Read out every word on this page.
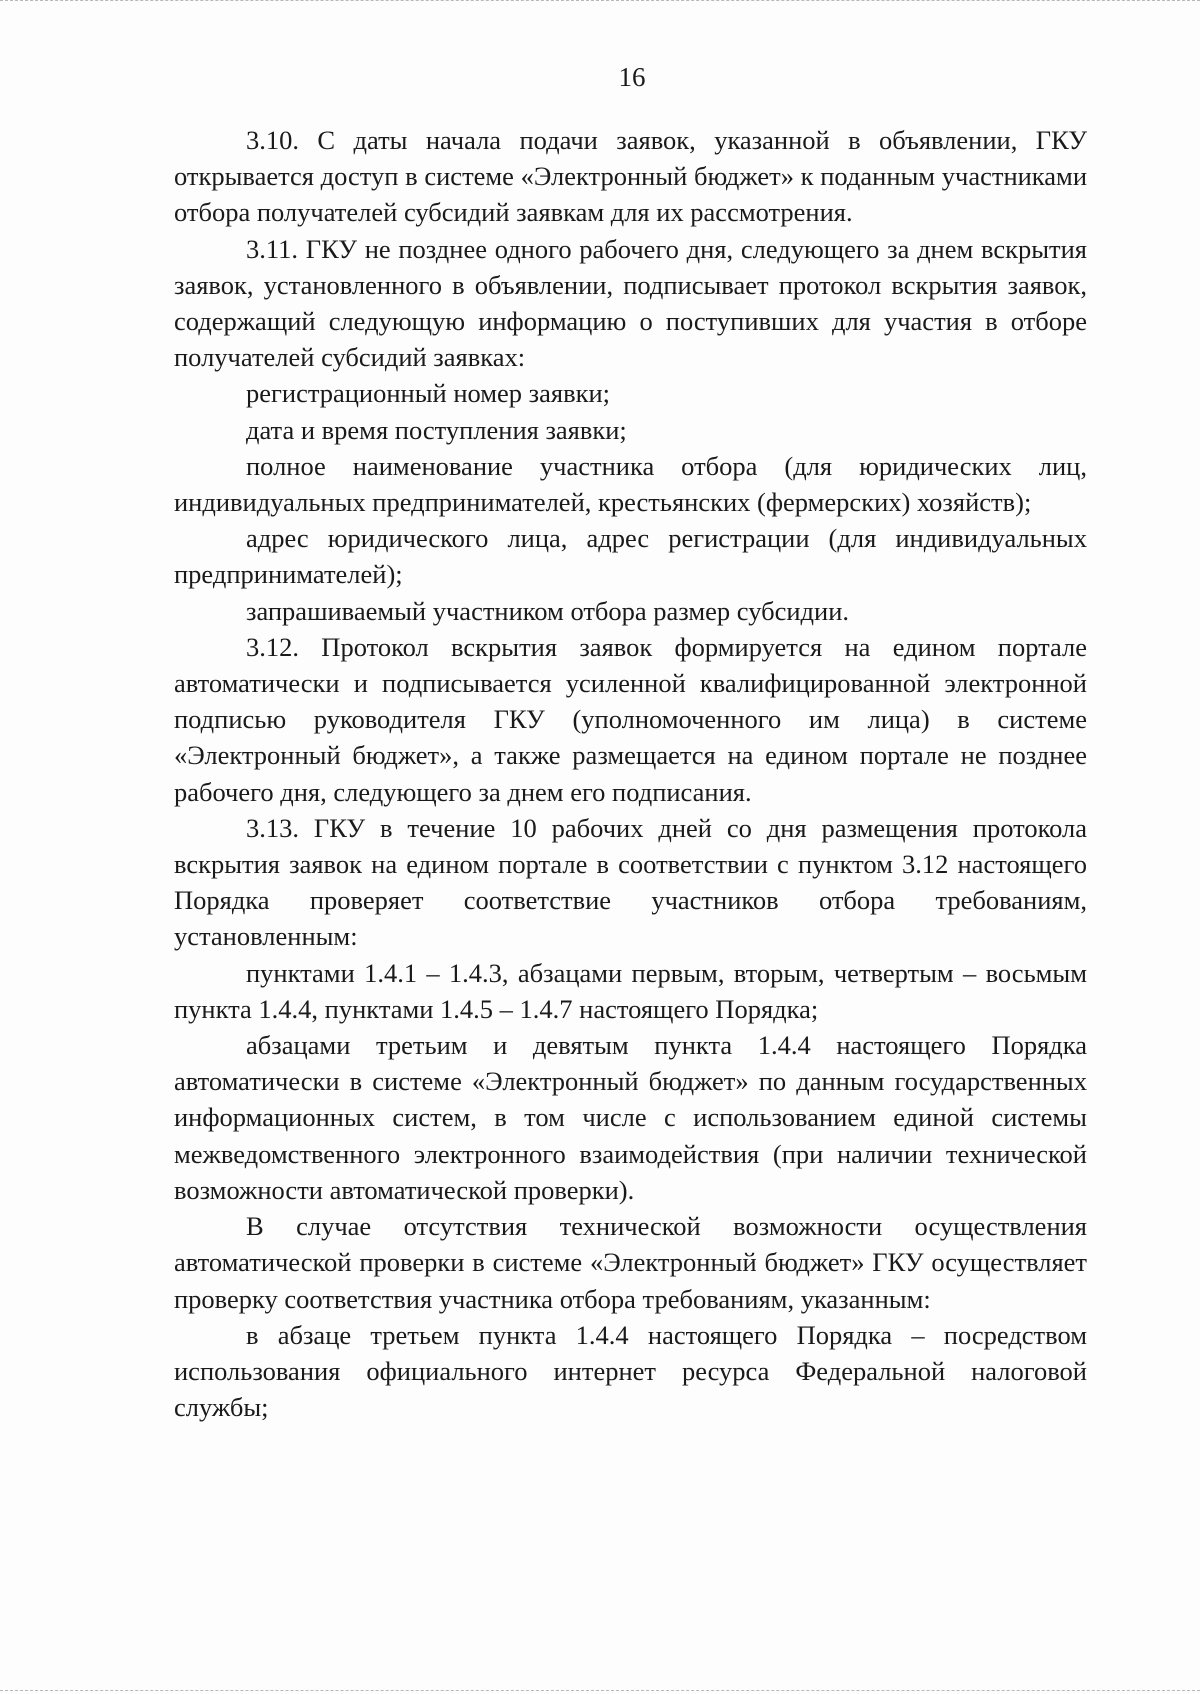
16

3.10. С даты начала подачи заявок, указанной в объявлении, ГКУ открывается доступ в системе «Электронный бюджет» к поданным участниками отбора получателей субсидий заявкам для их рассмотрения.

3.11. ГКУ не позднее одного рабочего дня, следующего за днем вскрытия заявок, установленного в объявлении, подписывает протокол вскрытия заявок, содержащий следующую информацию о поступивших для участия в отборе получателей субсидий заявках:

регистрационный номер заявки;

дата и время поступления заявки;

полное наименование участника отбора (для юридических лиц, индивидуальных предпринимателей, крестьянских (фермерских) хозяйств);

адрес юридического лица, адрес регистрации (для индивидуальных предпринимателей);

запрашиваемый участником отбора размер субсидии.

3.12. Протокол вскрытия заявок формируется на едином портале автоматически и подписывается усиленной квалифицированной электронной подписью руководителя ГКУ (уполномоченного им лица) в системе «Электронный бюджет», а также размещается на едином портале не позднее рабочего дня, следующего за днем его подписания.

3.13. ГКУ в течение 10 рабочих дней со дня размещения протокола вскрытия заявок на едином портале в соответствии с пунктом 3.12 настоящего Порядка проверяет соответствие участников отбора требованиям, установленным:

пунктами 1.4.1 – 1.4.3, абзацами первым, вторым, четвертым – восьмым пункта 1.4.4, пунктами 1.4.5 – 1.4.7 настоящего Порядка;

абзацами третьим и девятым пункта 1.4.4 настоящего Порядка автоматически в системе «Электронный бюджет» по данным государственных информационных систем, в том числе с использованием единой системы межведомственного электронного взаимодействия (при наличии технической возможности автоматической проверки).

В случае отсутствия технической возможности осуществления автоматической проверки в системе «Электронный бюджет» ГКУ осуществляет проверку соответствия участника отбора требованиям, указанным:

в абзаце третьем пункта 1.4.4 настоящего Порядка – посредством использования официального интернет ресурса Федеральной налоговой службы;
